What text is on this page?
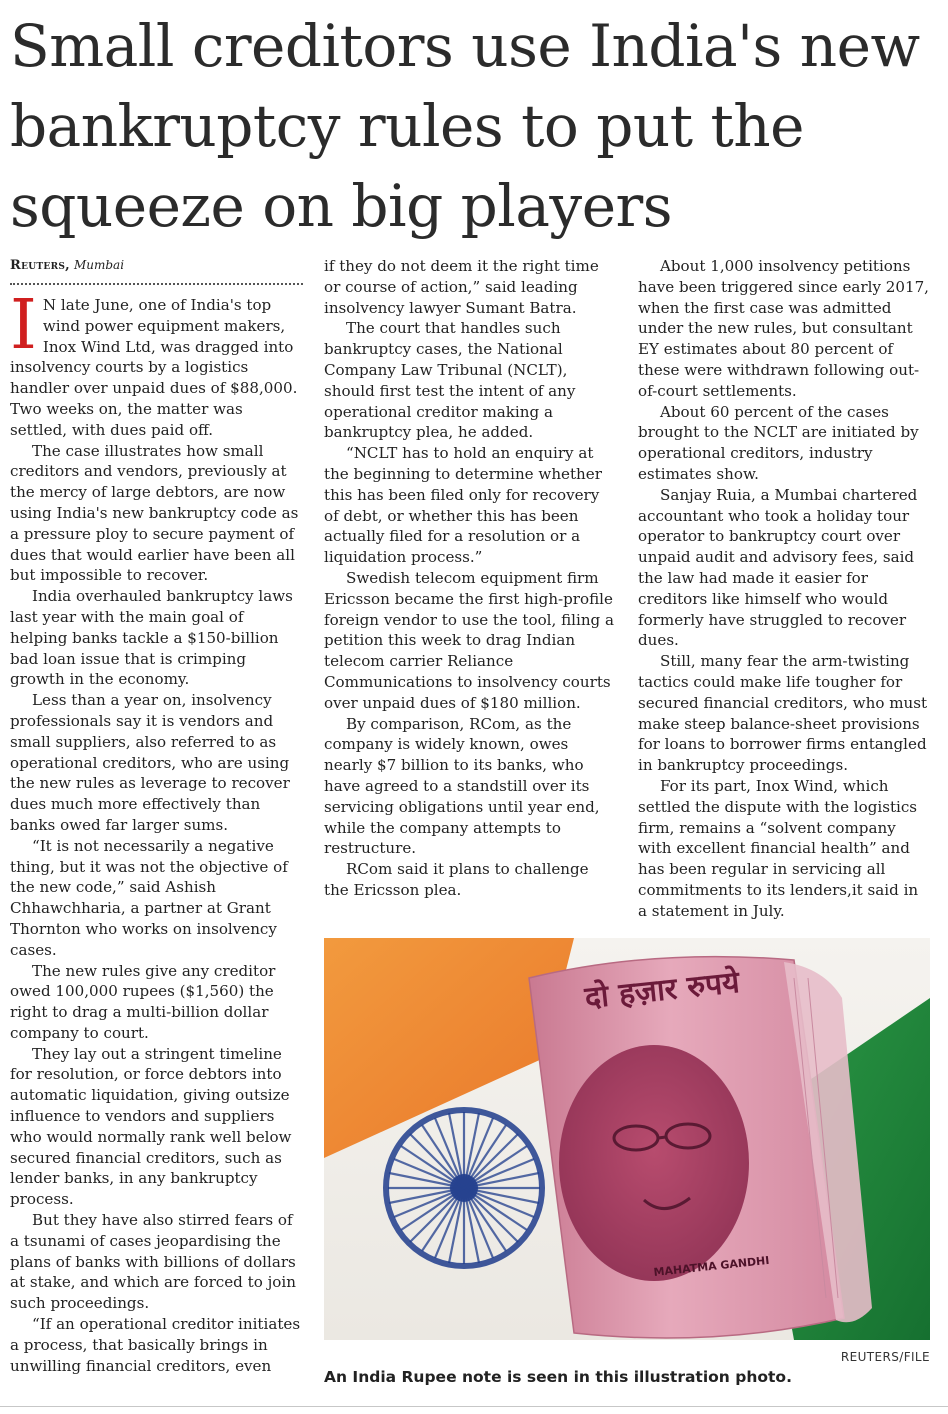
Small creditors use India's new bankruptcy rules to put the squeeze on big players
Reuters, Mumbai

I N late June, one of India's top wind power equipment makers, Inox Wind Ltd, was dragged into insolvency courts by a logistics handler over unpaid dues of $88,000. Two weeks on, the matter was settled, with dues paid off.

The case illustrates how small creditors and vendors, previously at the mercy of large debtors, are now using India's new bankruptcy code as a pressure ploy to secure payment of dues that would earlier have been all but impossible to recover.

India overhauled bankruptcy laws last year with the main goal of helping banks tackle a $150-billion bad loan issue that is crimping growth in the economy.

Less than a year on, insolvency professionals say it is vendors and small suppliers, also referred to as operational creditors, who are using the new rules as leverage to recover dues much more effectively than banks owed far larger sums.

“It is not necessarily a negative thing, but it was not the objective of the new code,” said Ashish Chhawchharia, a partner at Grant Thornton who works on insolvency cases.

The new rules give any creditor owed 100,000 rupees ($1,560) the right to drag a multi-billion dollar company to court.

They lay out a stringent timeline for resolution, or force debtors into automatic liquidation, giving outsize influence to vendors and suppliers who would normally rank well below secured financial creditors, such as lender banks, in any bankruptcy process.

But they have also stirred fears of a tsunami of cases jeopardising the plans of banks with billions of dollars at stake, and which are forced to join such proceedings.

“If an operational creditor initiates a process, that basically brings in unwilling financial creditors, even

if they do not deem it the right time or course of action,” said leading insolvency lawyer Sumant Batra.

The court that handles such bankruptcy cases, the National Company Law Tribunal (NCLT), should first test the intent of any operational creditor making a bankruptcy plea, he added.

“NCLT has to hold an enquiry at the beginning to determine whether this has been filed only for recovery of debt, or whether this has been actually filed for a resolution or a liquidation process.”

Swedish telecom equipment firm Ericsson became the first high-profile foreign vendor to use the tool, filing a petition this week to drag Indian telecom carrier Reliance Communications to insolvency courts over unpaid dues of $180 million.

By comparison, RCom, as the company is widely known, owes nearly $7 billion to its banks, who have agreed to a standstill over its servicing obligations until year end, while the company attempts to restructure.

RCom said it plans to challenge the Ericsson plea.

About 1,000 insolvency petitions have been triggered since early 2017, when the first case was admitted under the new rules, but consultant EY estimates about 80 percent of these were withdrawn following out-of-court settlements.

About 60 percent of the cases brought to the NCLT are initiated by operational creditors, industry estimates show.

Sanjay Ruia, a Mumbai chartered accountant who took a holiday tour operator to bankruptcy court over unpaid audit and advisory fees, said the law had made it easier for creditors like himself who would formerly have struggled to recover dues.

Still, many fear the arm-twisting tactics could make life tougher for secured financial creditors, who must make steep balance-sheet provisions for loans to borrower firms entangled in bankruptcy proceedings.

For its part, Inox Wind, which settled the dispute with the logistics firm, remains a “solvent company with excellent financial health” and has been regular in servicing all commitments to its lenders,it said in a statement in July.

दो हज़ार रुपये
MAHATMA GANDHI
REUTERS/FILE
An India Rupee note is seen in this illustration photo.
